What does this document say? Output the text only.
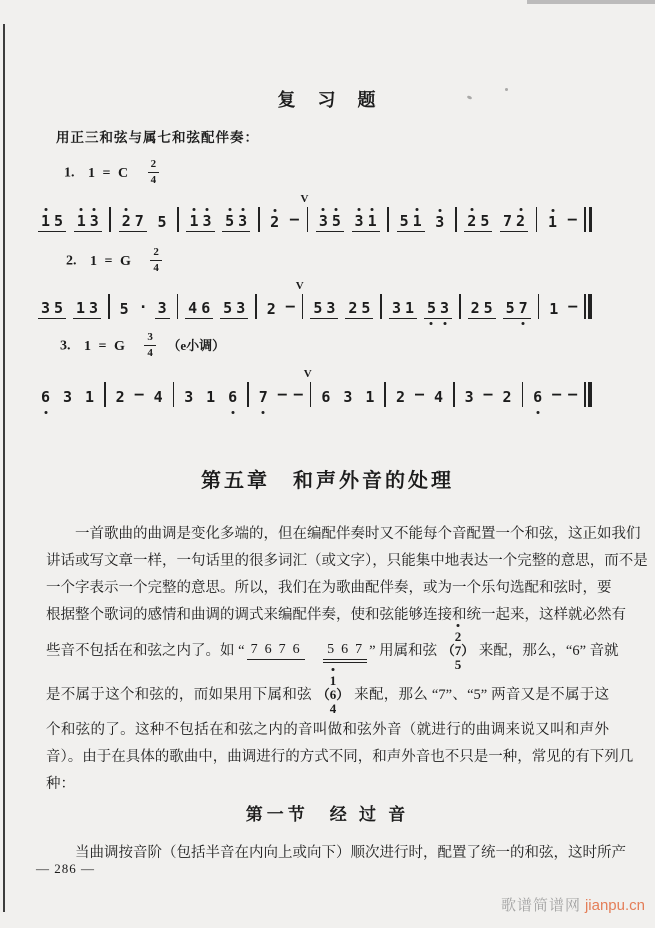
复　习　题
用正三和弦与属七和弦配伴奏：
1. 1 = C $\frac{2}{4}$
1 5 1 3 2 7 5 1 3 5 3 2 —
V
3 5 3 1 5 1 3 2 5 7 2 1 —
2. 1 = G $\frac{2}{4}$
3 5 1 3 5 · 3 4 6 5 3 2 —
V
5 3 2 5 3 1 5 3 2 5 5 7 1 —
3. 1 = G $\frac{3}{4} (e$小调）
6 3 1 2 — 4 3 1 6 7 — —
V
6 3 1 2 — 4 3 — 2 6 — —
第五章　和声外音的处理
　　一首歌曲的曲调是变化多端的，但在编配伴奏时又不能每个音配置一个和弦，这正如我们
讲话或写文章一样，一句话里的很多词汇（或文字），只能集中地表达一个完整的意思，而不是
一个字表示一个完整的意思。所以，我们在为歌曲配伴奏，或为一个乐句选配和弦时，要
根据整个歌词的感情和曲调的调式来编配伴奏，使和弦能够连接和统一起来，这样就必然有
些音不包括在和弦之内了。如 “ 7 6 7 6
　 5 6 7 ” 用属和弦
2
（7）
5
来配，那么，“6” 音就
是不属于这个和弦的，而如果用下属和弦
1
（6）
4
来配，那么 “7”、“5” 两音又是不属于这
个和弦的了。这种不包括在和弦之内的音叫做和弦外音（就进行的曲调来说又叫和声外
音）。由于在具体的歌曲中，曲调进行的方式不同，和声外音也不只是一种，常见的有下列几
种：
第一节　经 过 音
　　当曲调按音阶（包括半音在内向上或向下）顺次进行时，配置了统一的和弦，这时所产
— 286 —
歌谱简谱网 jianpu.cn
